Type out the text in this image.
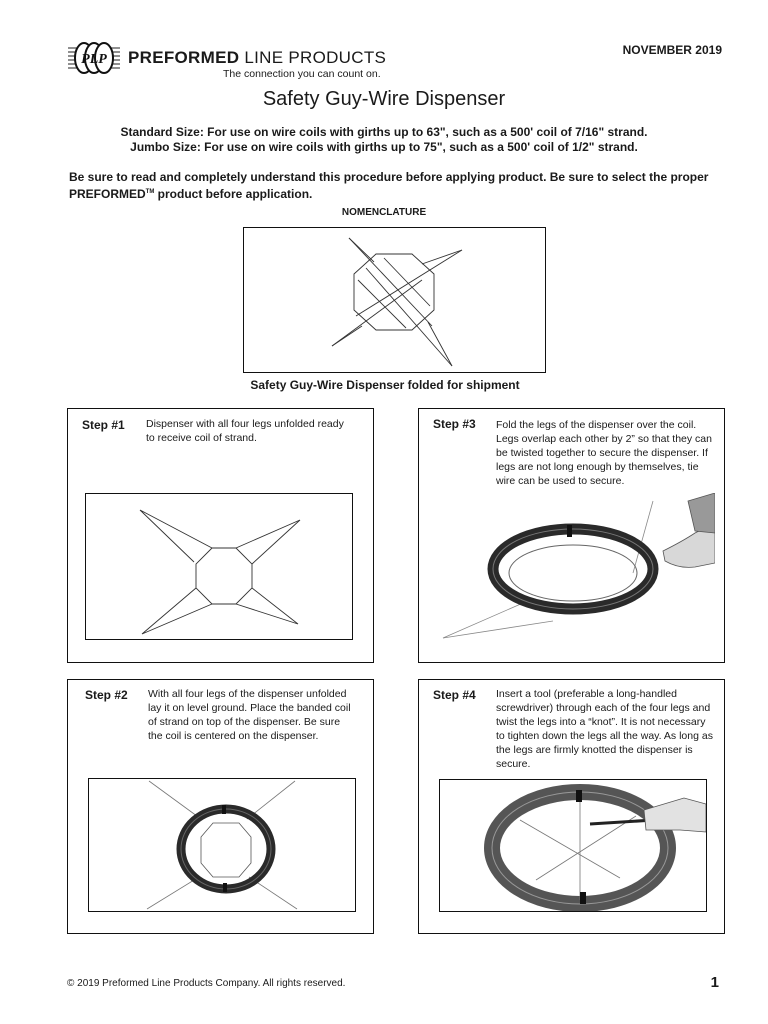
PLP PREFORMED LINE PRODUCTS
The connection you can count on.
NOVEMBER 2019
Safety Guy-Wire Dispenser
Standard Size: For use on wire coils with girths up to 63", such as a 500' coil of 7/16" strand.
Jumbo Size: For use on wire coils with girths up to 75", such as a 500' coil of 1/2" strand.
Be sure to read and completely understand this procedure before applying product. Be sure to select the proper PREFORMED™ product before application.
NOMENCLATURE
Safety Guy-Wire Dispenser folded for shipment
Step #1 Dispenser with all four legs unfolded ready to receive coil of strand.
Step #2 With all four legs of the dispenser unfolded lay it on level ground. Place the banded coil of strand on top of the dispenser. Be sure the coil is centered on the dispenser.
Step #3 Fold the legs of the dispenser over the coil. Legs overlap each other by 2” so that they can be twisted together to secure the dispenser. If legs are not long enough by themselves, tie wire can be used to secure.
Step #4 Insert a tool (preferable a long-handled screwdriver) through each of the four legs and twist the legs into a “knot”. It is not necessary to tighten down the legs all the way. As long as the legs are firmly knotted the dispenser is secure.
© 2019 Preformed Line Products Company. All rights reserved.	1
